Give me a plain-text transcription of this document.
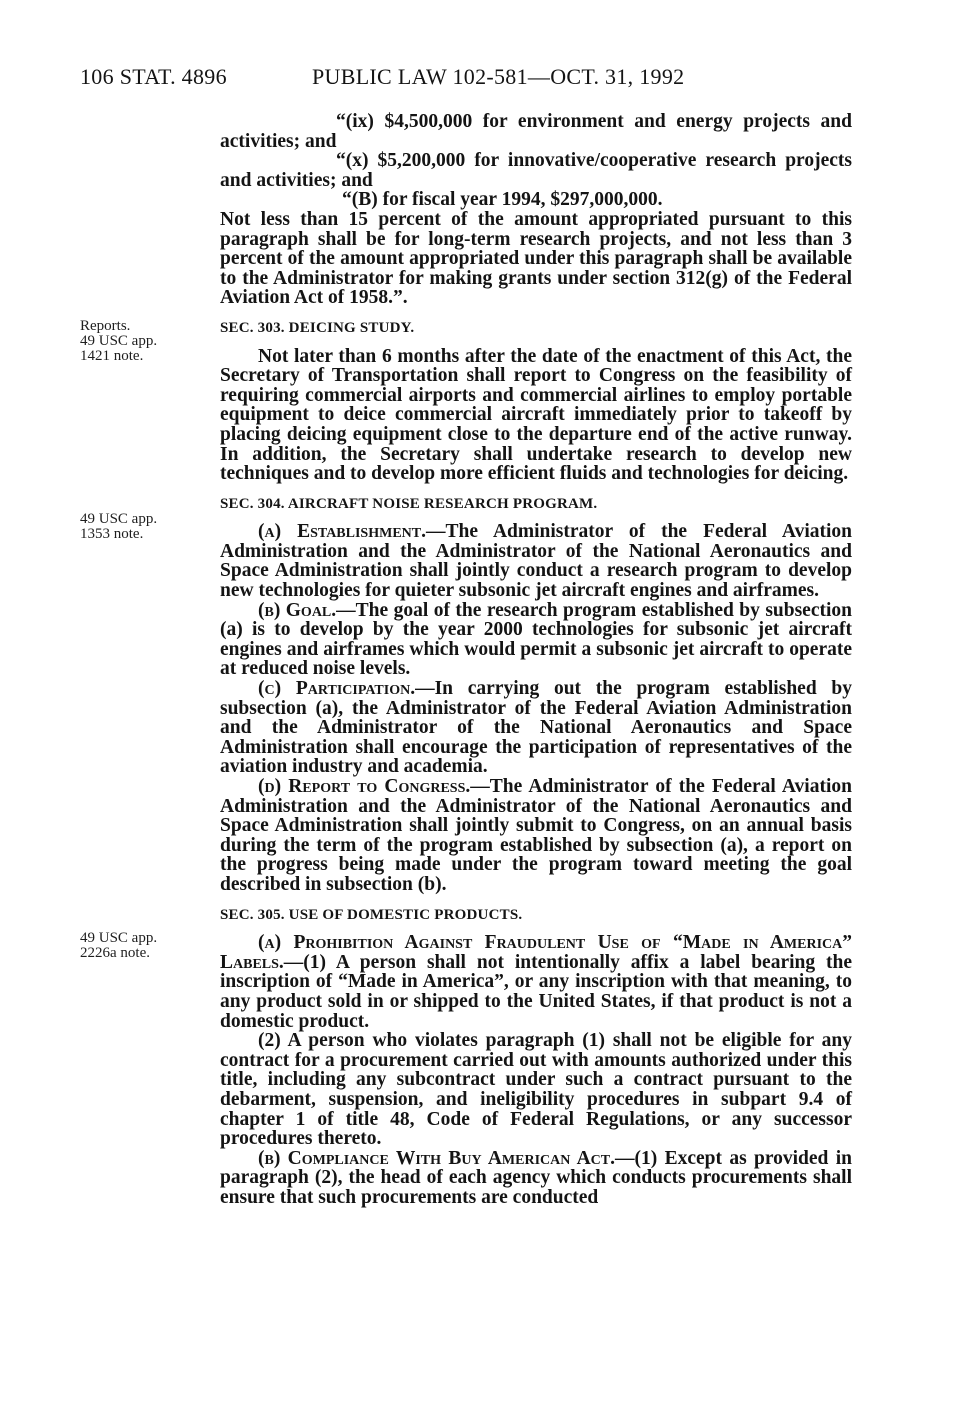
106 STAT. 4896	PUBLIC LAW 102-581—OCT. 31, 1992
Reports.
49 USC app.
1421 note.
49 USC app.
1353 note.
49 USC app.
2226a note.

“(ix) $4,500,000 for environment and energy projects and activities; and

“(x) $5,200,000 for innovative/cooperative research projects and activities; and

“(B) for fiscal year 1994, $297,000,000.

Not less than 15 percent of the amount appropriated pursuant to this paragraph shall be for long-term research projects, and not less than 3 percent of the amount appropriated under this paragraph shall be available to the Administrator for making grants under section 312(g) of the Federal Aviation Act of 1958.”.

SEC. 303. DEICING STUDY.

Not later than 6 months after the date of the enactment of this Act, the Secretary of Transportation shall report to Congress on the feasibility of requiring commercial airports and commercial airlines to employ portable equipment to deice commercial aircraft immediately prior to takeoff by placing deicing equipment close to the departure end of the active runway. In addition, the Secretary shall undertake research to develop new techniques and to develop more efficient fluids and technologies for deicing.

SEC. 304. AIRCRAFT NOISE RESEARCH PROGRAM.

(a) Establishment.—The Administrator of the Federal Aviation Administration and the Administrator of the National Aeronautics and Space Administration shall jointly conduct a research program to develop new technologies for quieter subsonic jet aircraft engines and airframes.

(b) Goal.—The goal of the research program established by subsection (a) is to develop by the year 2000 technologies for subsonic jet aircraft engines and airframes which would permit a subsonic jet aircraft to operate at reduced noise levels.

(c) Participation.—In carrying out the program established by subsection (a), the Administrator of the Federal Aviation Administration and the Administrator of the National Aeronautics and Space Administration shall encourage the participation of representatives of the aviation industry and academia.

(d) Report to Congress.—The Administrator of the Federal Aviation Administration and the Administrator of the National Aeronautics and Space Administration shall jointly submit to Congress, on an annual basis during the term of the program established by subsection (a), a report on the progress being made under the program toward meeting the goal described in subsection (b).

SEC. 305. USE OF DOMESTIC PRODUCTS.

(a) Prohibition Against Fraudulent Use of “Made in America” Labels.—(1) A person shall not intentionally affix a label bearing the inscription of “Made in America”, or any inscription with that meaning, to any product sold in or shipped to the United States, if that product is not a domestic product.

(2) A person who violates paragraph (1) shall not be eligible for any contract for a procurement carried out with amounts authorized under this title, including any subcontract under such a contract pursuant to the debarment, suspension, and ineligibility procedures in subpart 9.4 of chapter 1 of title 48, Code of Federal Regulations, or any successor procedures thereto.

(b) Compliance With Buy American Act.—(1) Except as provided in paragraph (2), the head of each agency which conducts procurements shall ensure that such procurements are conducted
